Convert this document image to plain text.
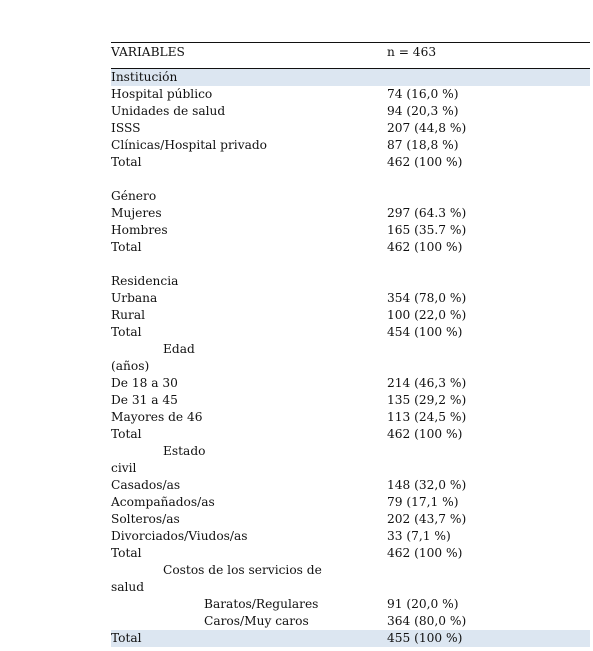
VARIABLES	n = 463
Institución
Hospital público	74 (16,0 %)
Unidades de salud	94 (20,3 %)
ISSS	207 (44,8 %)
Clínicas/Hospital privado	87 (18,8 %)
Total	462 (100 %)
Género
Mujeres	297 (64.3 %)
Hombres	165 (35.7 %)
Total	462 (100 %)
Residencia
Urbana	354 (78,0 %)
Rural	100 (22,0 %)
Total	454 (100 %)
Edad
(años)
De 18 a 30	214 (46,3 %)
De 31 a 45	135 (29,2 %)
Mayores de 46	113 (24,5 %)
Total	462 (100 %)
Estado
civil
Casados/as	148 (32,0 %)
Acompañados/as	79 (17,1 %)
Solteros/as	202 (43,7 %)
Divorciados/Viudos/as	33 (7,1 %)
Total	462 (100 %)
Costos de los servicios de
salud
Baratos/Regulares	91 (20,0 %)
Caros/Muy caros	364 (80,0 %)
Total	455 (100 %)
